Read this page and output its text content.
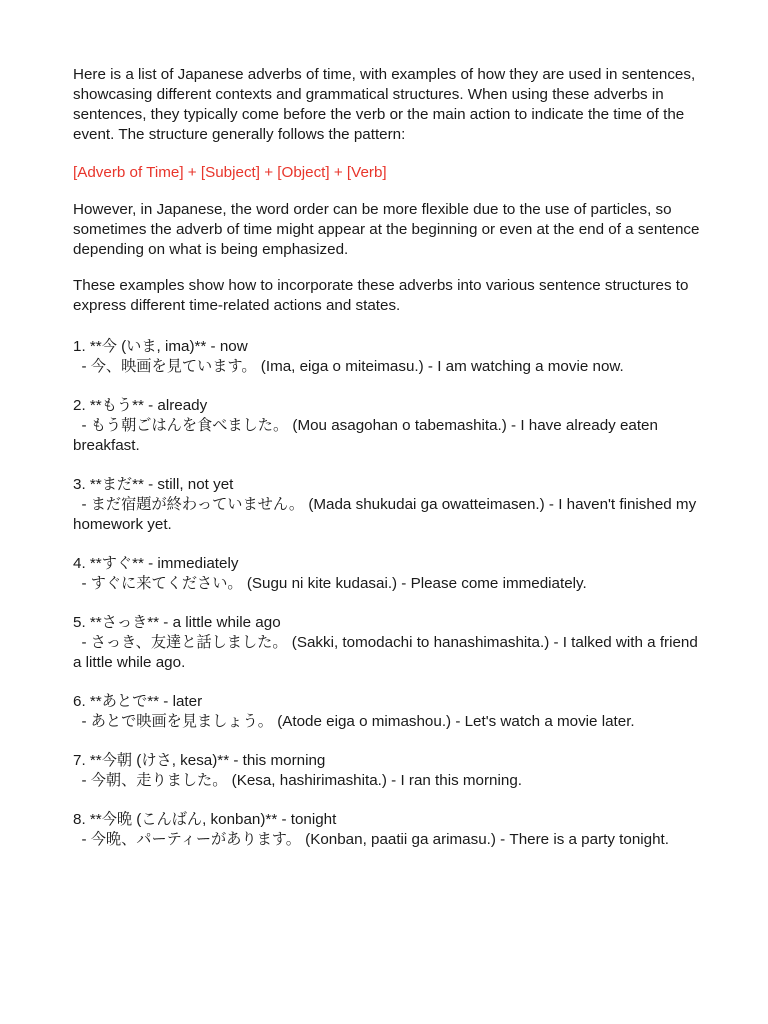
Here is a list of Japanese adverbs of time, with examples of how they are used in sentences, showcasing different contexts and grammatical structures. When using these adverbs in sentences, they typically come before the verb or the main action to indicate the time of the event. The structure generally follows the pattern:

[Adverb of Time] + [Subject] + [Object] + [Verb]

However, in Japanese, the word order can be more flexible due to the use of particles, so sometimes the adverb of time might appear at the beginning or even at the end of a sentence depending on what is being emphasized.

These examples show how to incorporate these adverbs into various sentence structures to express different time-related actions and states.

1. **今 (いま, ima)** - now

- 今、映画を見ています。 (Ima, eiga o miteimasu.) - I am watching a movie now.

2. **もう** - already

- もう朝ごはんを食べました。 (Mou asagohan o tabemashita.) - I have already eaten breakfast.

3. **まだ** - still, not yet

- まだ宿題が終わっていません。 (Mada shukudai ga owatteimasen.) - I haven't finished my homework yet.

4. **すぐ** - immediately

- すぐに来てください。 (Sugu ni kite kudasai.) - Please come immediately.

5. **さっき** - a little while ago

- さっき、友達と話しました。 (Sakki, tomodachi to hanashimashita.) - I talked with a friend a little while ago.

6. **あとで** - later

- あとで映画を見ましょう。 (Atode eiga o mimashou.) - Let's watch a movie later.

7. **今朝 (けさ, kesa)** - this morning

- 今朝、走りました。 (Kesa, hashirimashita.) - I ran this morning.

8. **今晩 (こんばん, konban)** - tonight

- 今晩、パーティーがあります。 (Konban, paatii ga arimasu.) - There is a party tonight.
